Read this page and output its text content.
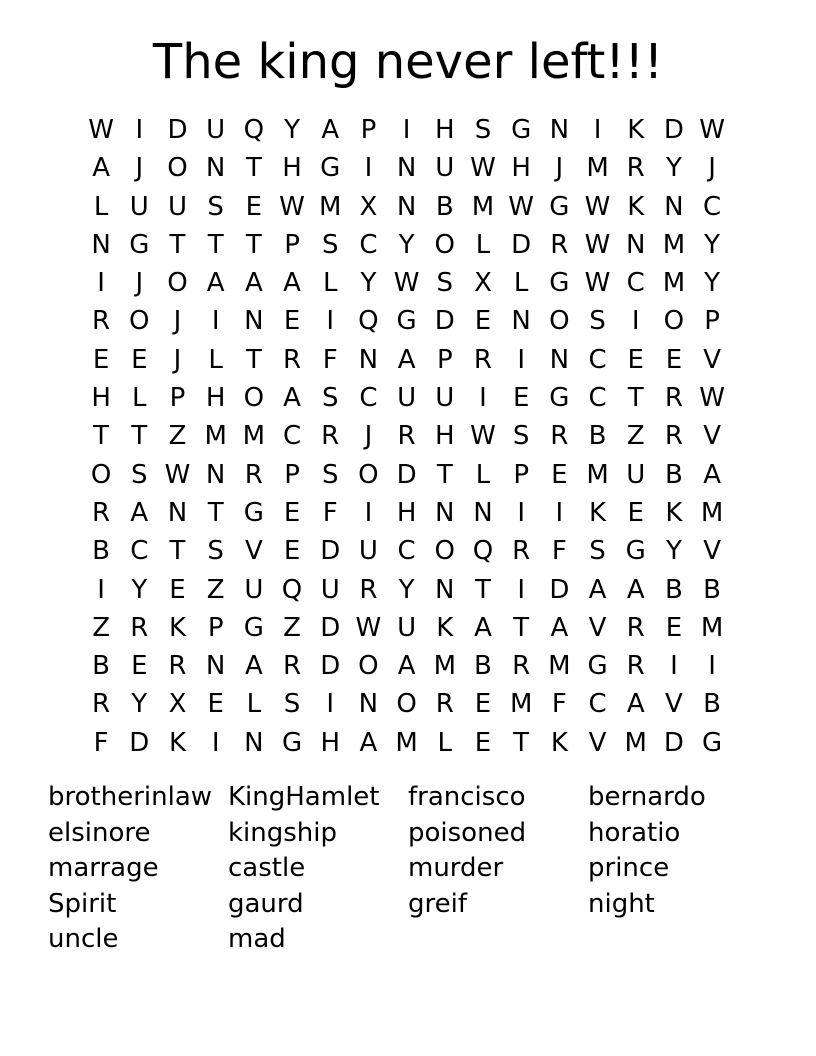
The king never left!!!
W I D U Q Y A P	I H S G N I K D W
A J O N T H G I N U W H J M R Y	J
L U U S E W M X N B M W G W K N C
N G T T T P S C Y O L D R W N M Y
I	J O A A A L Y W S X L G W C M Y
R O J	I N E	I Q G D E N O S	I O P
E E	J	L T R F N A P R I N C E E V
H L P H O A S C U U I	E G C T R W
T T Z M M C R J R H W S R B Z R V
O S W N R P S O D T L P E M U B A
R A N T G E F	I H N N I	I K E K M
B C T S V E D U C O Q R F S G Y V
I	Y E Z U Q U R Y N T	I D A A B B
Z R K P G Z D W U K A T A V R E M
B E R N A R D O A M B R M G R I	I
R Y X E L S	I N O R E M F C A V B
F D K I N G H A M L E T K V M D G
brotherinlaw KingHamlet	francisco	bernardo
elsinore	kingship	poisoned	horatio
marrage	castle	murder	prince
Spirit	gaurd	greif	night
uncle	mad
